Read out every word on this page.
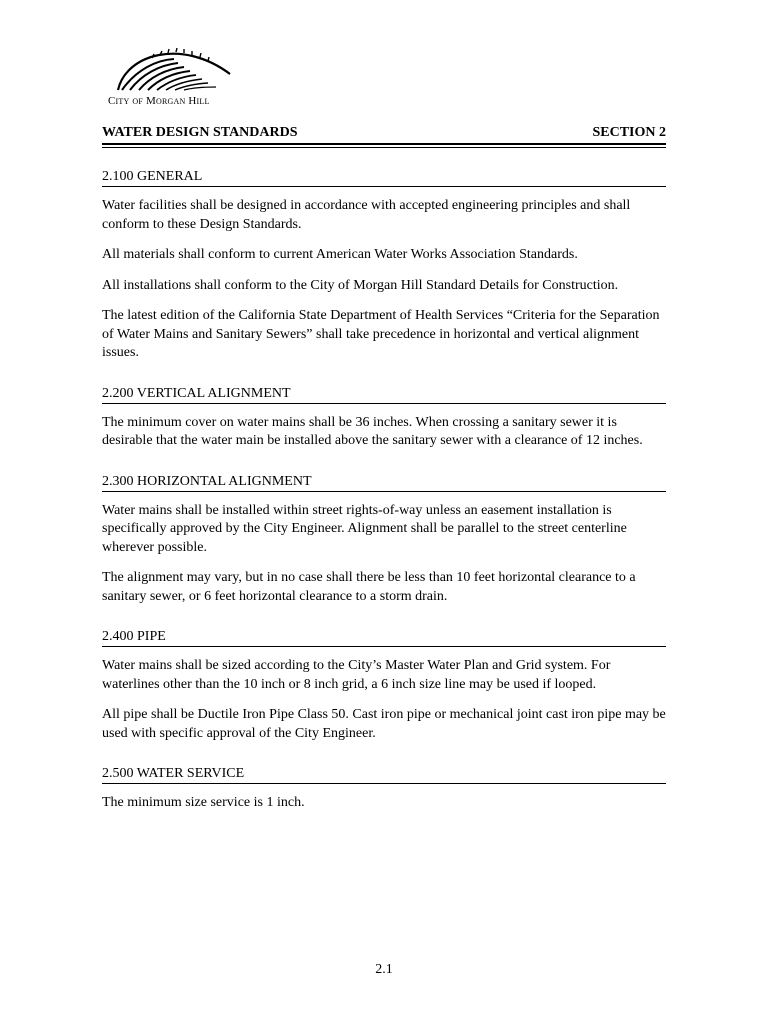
City of Morgan Hill
WATER DESIGN STANDARDS	SECTION 2
2.100 GENERAL

Water facilities shall be designed in accordance with accepted engineering principles and shall conform to these Design Standards.

All materials shall conform to current American Water Works Association Standards.

All installations shall conform to the City of Morgan Hill Standard Details for Construction.

The latest edition of the California State Department of Health Services “Criteria for the Separation of Water Mains and Sanitary Sewers” shall take precedence in horizontal and vertical alignment issues.

2.200 VERTICAL ALIGNMENT

The minimum cover on water mains shall be 36 inches. When crossing a sanitary sewer it is desirable that the water main be installed above the sanitary sewer with a clearance of 12 inches.

2.300 HORIZONTAL ALIGNMENT

Water mains shall be installed within street rights-of-way unless an easement installation is specifically approved by the City Engineer. Alignment shall be parallel to the street centerline wherever possible.

The alignment may vary, but in no case shall there be less than 10 feet horizontal clearance to a sanitary sewer, or 6 feet horizontal clearance to a storm drain.

2.400 PIPE

Water mains shall be sized according to the City’s Master Water Plan and Grid system. For waterlines other than the 10 inch or 8 inch grid, a 6 inch size line may be used if looped.

All pipe shall be Ductile Iron Pipe Class 50. Cast iron pipe or mechanical joint cast iron pipe may be used with specific approval of the City Engineer.

2.500 WATER SERVICE

The minimum size service is 1 inch.

2.1
